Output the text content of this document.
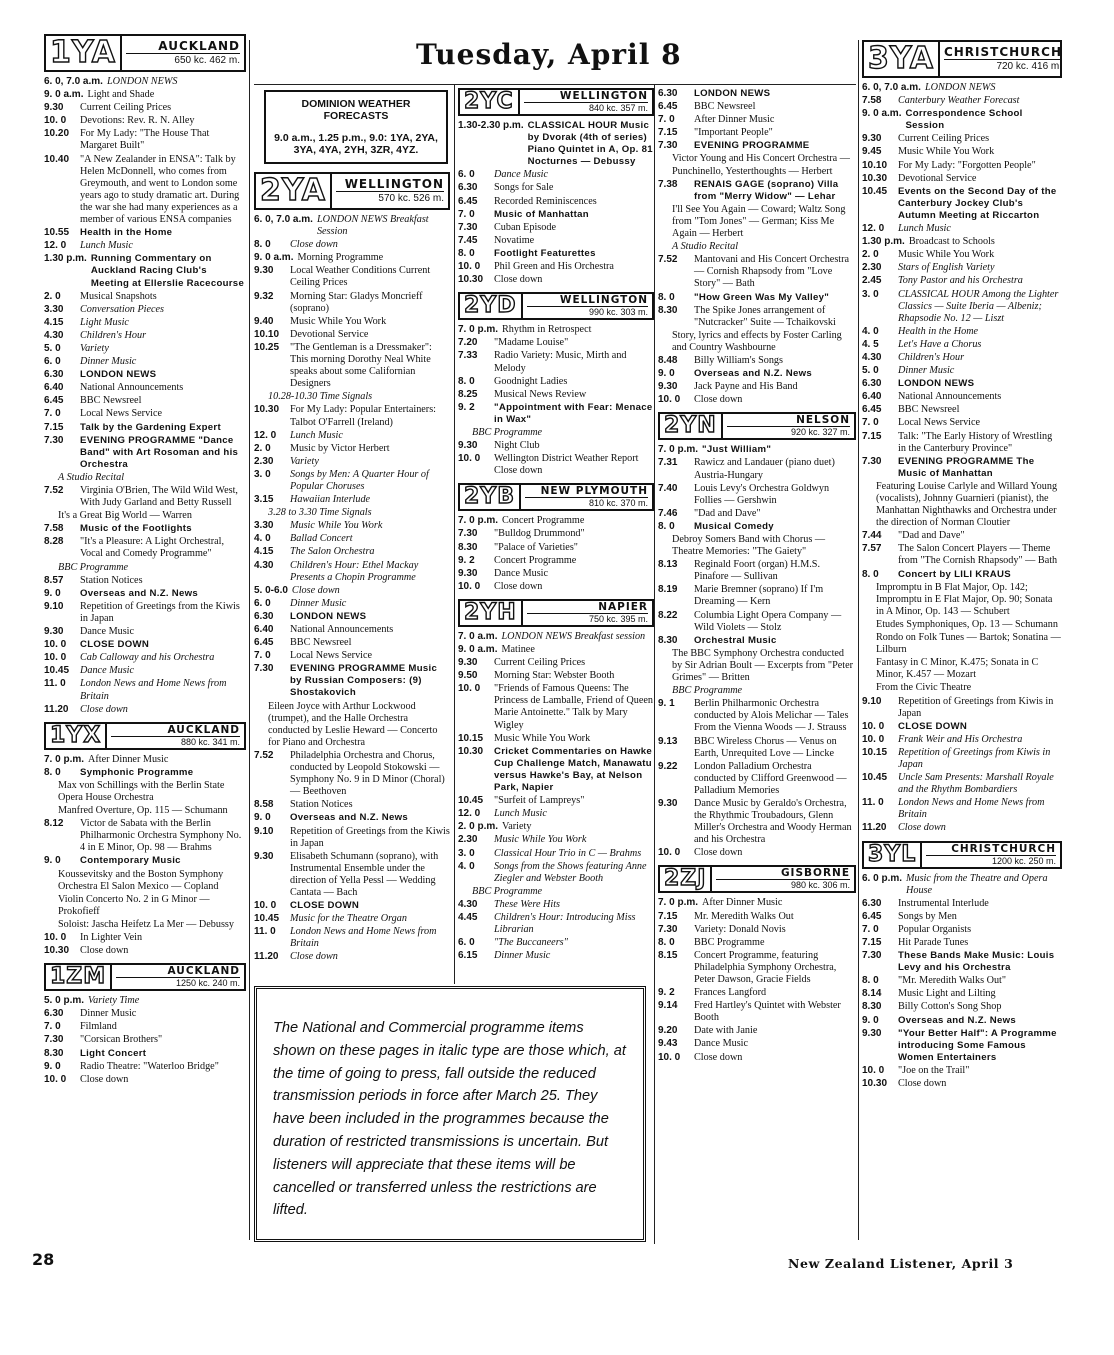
Tuesday, April 8
DOMINION WEATHER FORECASTS
9.0 a.m., 1.25 p.m., 9.0: 1YA, 2YA, 3YA, 4YA, 2YH, 3ZR, 4YZ.
1YA	AUCKLAND
650 kc. 462 m.
6. 0, 7.0 a.m. LONDON NEWS
9. 0 a.m. Light and Shade
9.30	Current Ceiling Prices
10. 0	Devotions: Rev. R. N. Alley
10.20	For My Lady: "The House That Margaret Built"
10.40	"A New Zealander in ENSA": Talk by Helen McDonnell, who comes from Greymouth, and went to London some years ago to study dramatic art. During the war she had many experiences as a member of various ENSA companies
10.55	Health in the Home
12. 0	Lunch Music
1.30 p.m. Running Commentary on Auckland Racing Club's Meeting at Ellerslie Racecourse
2. 0	Musical Snapshots
3.30	Conversation Pieces
4.15	Light Music
4.30	Children's Hour
5. 0	Variety
6. 0	Dinner Music
6.30	LONDON NEWS
6.40	National Announcements
6.45	BBC Newsreel
7. 0	Local News Service
7.15	Talk by the Gardening Expert
7.30	EVENING PROGRAMME "Dance Band" with Art Rosoman and his Orchestra
A Studio Recital
7.52	Virginia O'Brien, The Wild Wild West, With Judy Garland and Betty Russell
It's a Great Big World — Warren
7.58	Music of the Footlights
8.28	"It's a Pleasure: A Light Orchestral, Vocal and Comedy Programme"
BBC Programme
8.57	Station Notices
9. 0	Overseas and N.Z. News
9.10	Repetition of Greetings from the Kiwis in Japan
9.30	Dance Music
10. 0	CLOSE DOWN
10. 0	Cab Calloway and his Orchestra
10.45	Dance Music
11. 0	London News and Home News from Britain
11.20	Close down
1YX	AUCKLAND
880 kc. 341 m.
7. 0 p.m. After Dinner Music
8. 0	Symphonic Programme
Max von Schillings with the Berlin State Opera House Orchestra
Manfred Overture, Op. 115 — Schumann
8.12	Victor de Sabata with the Berlin Philharmonic Orchestra Symphony No. 4 in E Minor, Op. 98 — Brahms
9. 0	Contemporary Music
Koussevitsky and the Boston Symphony Orchestra El Salon Mexico — Copland
Violin Concerto No. 2 in G Minor — Prokofieff
Soloist: Jascha Heifetz La Mer — Debussy
10. 0	In Lighter Vein
10.30	Close down
1ZM	AUCKLAND
1250 kc. 240 m.
5. 0 p.m. Variety Time
6.30	Dinner Music
7. 0	Filmland
7.30	"Corsican Brothers"
8.30	Light Concert
9. 0	Radio Theatre: "Waterloo Bridge"
10. 0	Close down
2YA	WELLINGTON
570 kc. 526 m.
6. 0, 7.0 a.m. LONDON NEWS Breakfast Session
8. 0	Close down
9. 0 a.m. Morning Programme
9.30	Local Weather Conditions Current Ceiling Prices
9.32	Morning Star: Gladys Moncrieff (soprano)
9.40	Music While You Work
10.10	Devotional Service
10.25	"The Gentleman is a Dressmaker": This morning Dorothy Neal White speaks about some Californian Designers
10.28-10.30 Time Signals
10.30	For My Lady: Popular Entertainers: Talbot O'Farrell (Ireland)
12. 0	Lunch Music
2. 0	Music by Victor Herbert
2.30	Variety
3. 0	Songs by Men: A Quarter Hour of Popular Choruses
3.15	Hawaiian Interlude
3.28 to 3.30 Time Signals
3.30	Music While You Work
4. 0	Ballad Concert
4.15	The Salon Orchestra
4.30	Children's Hour: Ethel Mackay Presents a Chopin Programme
5. 0-6.0 Close down
6. 0	Dinner Music
6.30	LONDON NEWS
6.40	National Announcements
6.45	BBC Newsreel
7. 0	Local News Service
7.30	EVENING PROGRAMME Music by Russian Composers: (9) Shostakovich
Eileen Joyce with Arthur Lockwood (trumpet), and the Halle Orchestra conducted by Leslie Heward — Concerto for Piano and Orchestra
7.52	Philadelphia Orchestra and Chorus, conducted by Leopold Stokowski — Symphony No. 9 in D Minor (Choral) — Beethoven
8.58	Station Notices
9. 0	Overseas and N.Z. News
9.10	Repetition of Greetings from the Kiwis in Japan
9.30	Elisabeth Schumann (soprano), with Instrumental Ensemble under the direction of Yella Pessl — Wedding Cantata — Bach
10. 0	CLOSE DOWN
10.45	Music for the Theatre Organ
11. 0	London News and Home News from Britain
11.20	Close down
2YC	WELLINGTON
840 kc. 357 m.
1.30-2.30 p.m. CLASSICAL HOUR Music by Dvorak (4th of series) Piano Quintet in A, Op. 81 Nocturnes — Debussy
6. 0	Dance Music
6.30	Songs for Sale
6.45	Recorded Reminiscences
7. 0	Music of Manhattan
7.30	Cuban Episode
7.45	Novatime
8. 0	Footlight Featurettes
10. 0	Phil Green and His Orchestra
10.30	Close down
2YD	WELLINGTON
990 kc. 303 m.
7. 0 p.m. Rhythm in Retrospect
7.20	"Madame Louise"
7.33	Radio Variety: Music, Mirth and Melody
8. 0	Goodnight Ladies
8.25	Musical News Review
9. 2	"Appointment with Fear: Menace in Wax"
BBC Programme
9.30	Night Club
10. 0	Wellington District Weather Report Close down
2YB	NEW PLYMOUTH
810 kc. 370 m.
7. 0 p.m. Concert Programme
7.30	"Bulldog Drummond"
8.30	"Palace of Varieties"
9. 2	Concert Programme
9.30	Dance Music
10. 0	Close down
2YH	NAPIER
750 kc. 395 m.
7. 0 a.m. LONDON NEWS Breakfast session
9. 0 a.m. Matinee
9.30	Current Ceiling Prices
9.50	Morning Star: Webster Booth
10. 0	"Friends of Famous Queens: The Princess de Lamballe, Friend of Queen Marie Antoinette." Talk by Mary Wigley
10.15	Music While You Work
10.30	Cricket Commentaries on Hawke Cup Challenge Match, Manawatu versus Hawke's Bay, at Nelson Park, Napier
10.45	"Surfeit of Lampreys"
12. 0	Lunch Music
2. 0 p.m. Variety
2.30	Music While You Work
3. 0	Classical Hour Trio in C — Brahms
4. 0	Songs from the Shows featuring Anne Ziegler and Webster Booth
BBC Programme
4.30	These Were Hits
4.45	Children's Hour: Introducing Miss Librarian
6. 0	"The Buccaneers"
6.15	Dinner Music
6.30	LONDON NEWS
6.45	BBC Newsreel
7. 0	After Dinner Music
7.15	"Important People"
7.30	EVENING PROGRAMME
Victor Young and His Concert Orchestra — Punchinello, Yesterthoughts — Herbert
7.38	RENAIS GAGE (soprano) Villa from "Merry Widow" — Lehar
I'll See You Again — Coward; Waltz Song from "Tom Jones" — German; Kiss Me Again — Herbert
A Studio Recital
7.52	Mantovani and His Concert Orchestra — Cornish Rhapsody from "Love Story" — Bath
8. 0	"How Green Was My Valley"
8.30	The Spike Jones arrangement of "Nutcracker" Suite — Tchaikovski
Story, lyrics and effects by Foster Carling and Country Washbourne
8.48	Billy William's Songs
9. 0	Overseas and N.Z. News
9.30	Jack Payne and His Band
10. 0	Close down
2YN	NELSON
920 kc. 327 m.
7. 0 p.m. "Just William"
7.31	Rawicz and Landauer (piano duet) Austria-Hungary
7.40	Louis Levy's Orchestra Goldwyn Follies — Gershwin
7.46	"Dad and Dave"
8. 0	Musical Comedy
Debroy Somers Band with Chorus — Theatre Memories: "The Gaiety"
8.13	Reginald Foort (organ) H.M.S. Pinafore — Sullivan
8.19	Marie Bremner (soprano) If I'm Dreaming — Kern
8.22	Columbia Light Opera Company — Wild Violets — Stolz
8.30	Orchestral Music
The BBC Symphony Orchestra conducted by Sir Adrian Boult — Excerpts from "Peter Grimes" — Britten
BBC Programme
9. 1	Berlin Philharmonic Orchestra conducted by Alois Melichar — Tales From the Vienna Woods — J. Strauss
9.13	BBC Wireless Chorus — Venus on Earth, Unrequited Love — Lincke
9.22	London Palladium Orchestra conducted by Clifford Greenwood — Palladium Memories
9.30	Dance Music by Geraldo's Orchestra, the Rhythmic Troubadours, Glenn Miller's Orchestra and Woody Herman and his Orchestra
10. 0	Close down
2ZJ	GISBORNE
980 kc. 306 m.
7. 0 p.m. After Dinner Music
7.15	Mr. Meredith Walks Out
7.30	Variety: Donald Novis
8. 0	BBC Programme
8.15	Concert Programme, featuring Philadelphia Symphony Orchestra, Peter Dawson, Gracie Fields
9. 2	Frances Langford
9.14	Fred Hartley's Quintet with Webster Booth
9.20	Date with Janie
9.43	Dance Music
10. 0	Close down
3YA CHRISTCHURCH
720 kc. 416 m.
6. 0, 7.0 a.m. LONDON NEWS
7.58	Canterbury Weather Forecast
9. 0 a.m. Correspondence School Session
9.30	Current Ceiling Prices
9.45	Music While You Work
10.10	For My Lady: "Forgotten People"
10.30	Devotional Service
10.45	Events on the Second Day of the Canterbury Jockey Club's Autumn Meeting at Riccarton
12. 0	Lunch Music
1.30 p.m. Broadcast to Schools
2. 0	Music While You Work
2.30	Stars of English Variety
2.45	Tony Pastor and his Orchestra
3. 0	CLASSICAL HOUR Among the Lighter Classics — Suite Iberia — Albeniz; Rhapsodie No. 12 — Liszt
4. 0	Health in the Home
4. 5	Let's Have a Chorus
4.30	Children's Hour
5. 0	Dinner Music
6.30	LONDON NEWS
6.40	National Announcements
6.45	BBC Newsreel
7. 0	Local News Service
7.15	Talk: "The Early History of Wrestling in the Canterbury Province"
7.30	EVENING PROGRAMME The Music of Manhattan
Featuring Louise Carlyle and Willard Young (vocalists), Johnny Guarnieri (pianist), the Manhattan Nighthawks and Orchestra under the direction of Norman Cloutier
7.44	"Dad and Dave"
7.57	The Salon Concert Players — Theme from "The Cornish Rhapsody" — Bath
8. 0	Concert by LILI KRAUS
Impromptu in B Flat Major, Op. 142; Impromptu in E Flat Major, Op. 90; Sonata in A Minor, Op. 143 — Schubert
Etudes Symphoniques, Op. 13 — Schumann
Rondo on Folk Tunes — Bartok; Sonatina — Lilburn
Fantasy in C Minor, K.475; Sonata in C Minor, K.457 — Mozart
From the Civic Theatre
9.10	Repetition of Greetings from Kiwis in Japan
10. 0	CLOSE DOWN
10. 0	Frank Weir and His Orchestra
10.15	Repetition of Greetings from Kiwis in Japan
10.45	Uncle Sam Presents: Marshall Royale and the Rhythm Bombardiers
11. 0	London News and Home News from Britain
11.20	Close down
3YL	CHRISTCHURCH
1200 kc. 250 m.
6. 0 p.m. Music from the Theatre and Opera House
6.30	Instrumental Interlude
6.45	Songs by Men
7. 0	Popular Organists
7.15	Hit Parade Tunes
7.30	These Bands Make Music: Louis Levy and his Orchestra
8. 0	"Mr. Meredith Walks Out"
8.14	Music Light and Lilting
8.30	Billy Cotton's Song Shop
9. 0	Overseas and N.Z. News
9.30	"Your Better Half": A Programme introducing Some Famous Women Entertainers
10. 0	"Joe on the Trail"
10.30	Close down

The National and Commercial programme items shown on these pages in italic type are those which, at the time of going to press, fall outside the reduced transmission periods in force after March 25. They have been included in the programmes because the duration of restricted transmissions is uncertain. But listeners will appreciate that these items will be cancelled or transferred unless the restrictions are lifted.

28	New Zealand Listener, April 3
